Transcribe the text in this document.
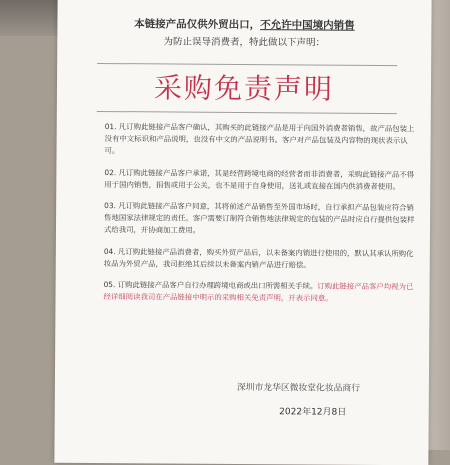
本链接产品仅供外贸出口，不允许中国境内销售
为防止误导消费者，特此做以下声明：
采购免责声明
01. 凡订购此链接产品客户确认，其购买的此链接产品是用于向国外消费者销售，故产品包装上没有中文标识和产品说明，也没有中文的产品说明书。客户对产品包装及内容物的现状表示认可。
02. 凡订购此链接产品客户承诺，其是经营跨境电商的经营者而非消费者，采购此链接产品不得用于国内销售，捐售或用于公关，也不是用于自身使用，送礼或直接在国内供消费者使用。
03. 凡订购此链接产品客户同意，其将前述产品销售至外国市场时，自行承担产品包装应符合销售地国家法律规定的责任。客户需要订制符合销售地法律规定的包装的产品时应自行提供包装样式给我司，并协商加工费用。
04. 凡订购此链接产品消费者，购买外贸产品后，以未备案内销进行使用的，默认其承认所购化妆品为外贸产品，我司拒绝其后续以未备案内销产品进行赔偿。
05. 订购此链接产品客户自行办理跨境电商或出口所需相关手续。订购此链接产品客户均视为已经详细阅读我司在产品链接中明示的采购相关免责声明，并表示同意。
深圳市龙华区微妆堂化妆品商行
2022年12月8日
